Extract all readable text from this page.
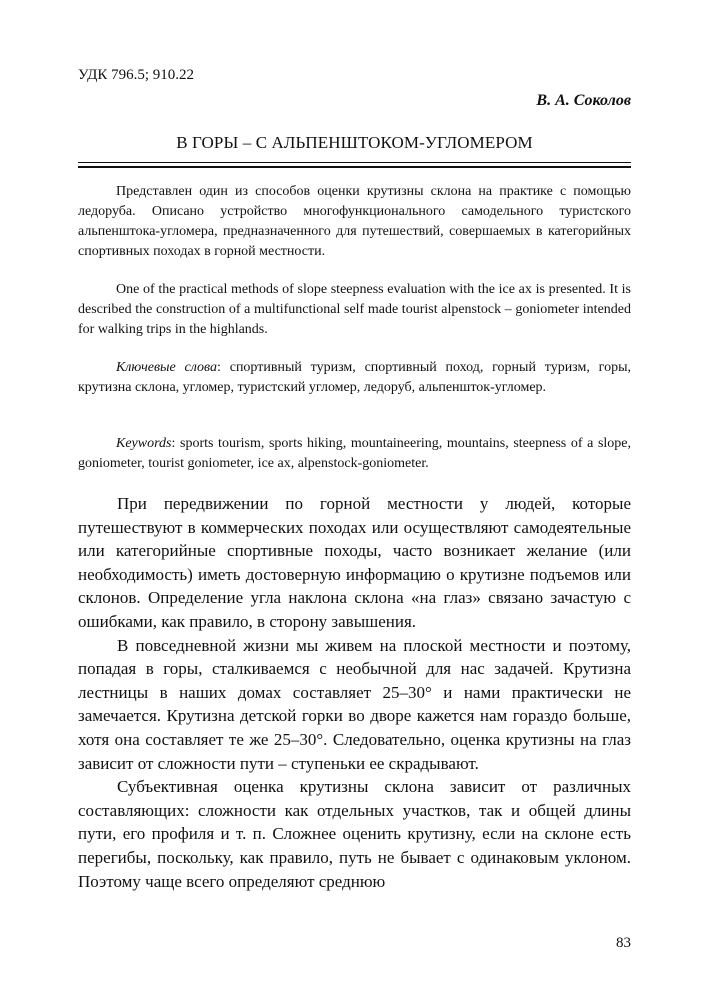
УДК 796.5; 910.22
В. А. Соколов
В ГОРЫ – С АЛЬПЕНШТОКОМ-УГЛОМЕРОМ

Представлен один из способов оценки крутизны склона на практике с помощью ледоруба. Описано устройство многофункционального самодельного туристского альпенштока-угломера, предназначенного для путешествий, совершаемых в категорийных спортивных походах в горной местности.

One of the practical methods of slope steepness evaluation with the ice ax is presented. It is described the construction of a multifunctional self made tourist alpenstock – goniometer intended for walking trips in the highlands.

Ключевые слова: спортивный туризм, спортивный поход, горный туризм, горы, крутизна склона, угломер, туристский угломер, ледоруб, альпеншток-угломер.

Keywords: sports tourism, sports hiking, mountaineering, mountains, steepness of a slope, goniometer, tourist goniometer, ice ax, alpenstock-goniometer.

При передвижении по горной местности у людей, которые путешествуют в коммерческих походах или осуществляют самодеятельные или категорийные спортивные походы, часто возникает желание (или необходимость) иметь достоверную информацию о крутизне подъемов или склонов. Определение угла наклона склона «на глаз» связано зачастую с ошибками, как правило, в сторону завышения.

В повседневной жизни мы живем на плоской местности и поэтому, попадая в горы, сталкиваемся с необычной для нас задачей. Крутизна лестницы в наших домах составляет 25–30° и нами практически не замечается. Крутизна детской горки во дворе кажется нам гораздо больше, хотя она составляет те же 25–30°. Следовательно, оценка крутизны на глаз зависит от сложности пути – ступеньки ее скрадывают.

Субъективная оценка крутизны склона зависит от различных составляющих: сложности как отдельных участков, так и общей длины пути, его профиля и т. п. Сложнее оценить крутизну, если на склоне есть перегибы, поскольку, как правило, путь не бывает с одинаковым уклоном. Поэтому чаще всего определяют среднюю

83
